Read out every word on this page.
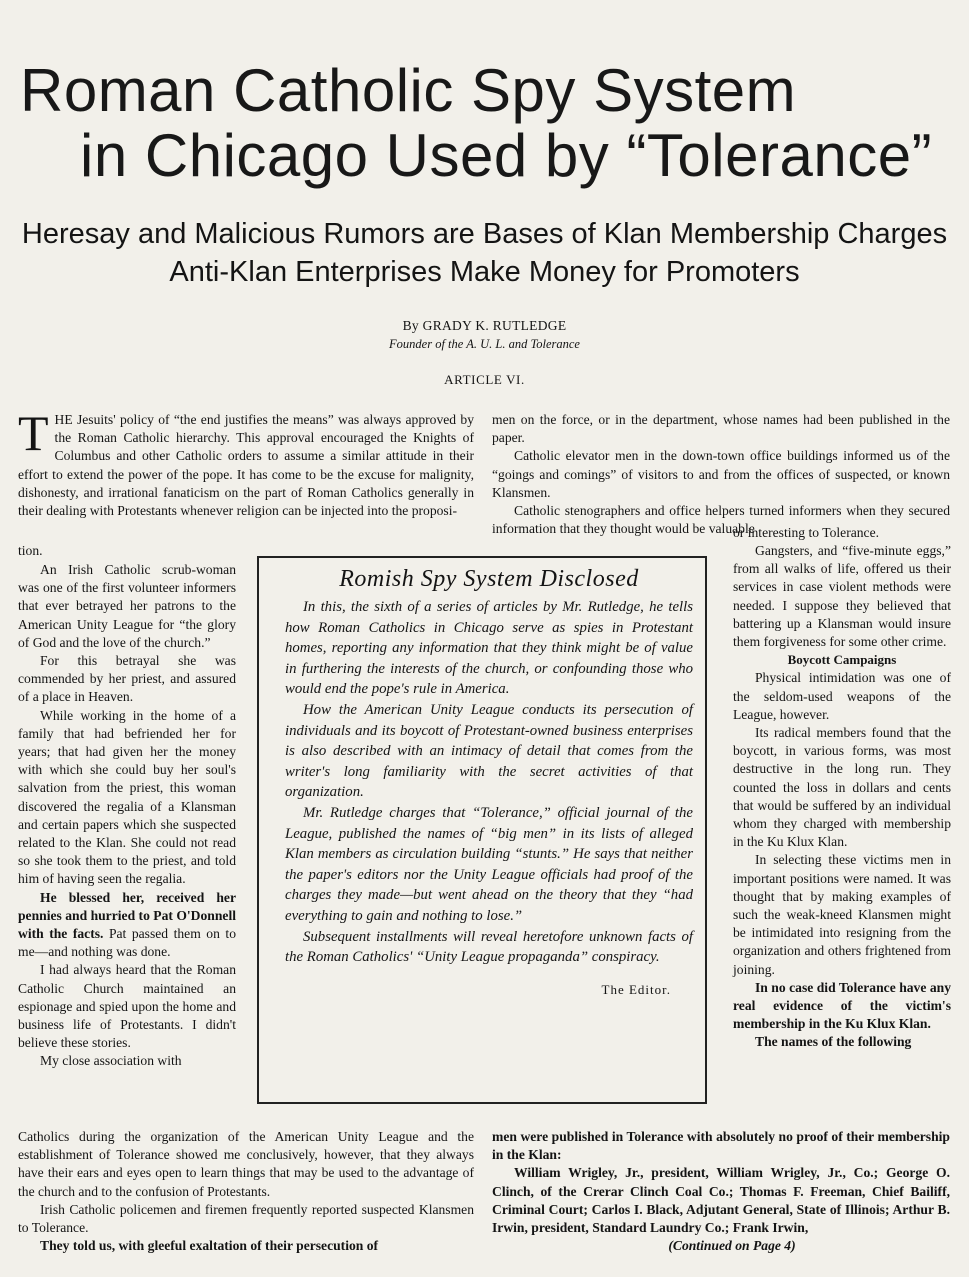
Roman Catholic Spy System
in Chicago Used by “Tolerance”
Heresay and Malicious Rumors are Bases of Klan Membership Charges
Anti-Klan Enterprises Make Money for Promoters
By GRADY K. RUTLEDGE
Founder of the A. U. L. and Tolerance
ARTICLE VI.

THE Jesuits' policy of “the end justifies the means” was always approved by the Roman Catholic hierarchy. This approval encouraged the Knights of Columbus and other Catholic orders to assume a similar attitude in their effort to extend the power of the pope. It has come to be the excuse for malignity, dishonesty, and irrational fanaticism on the part of Roman Catholics generally in their dealing with Protestants whenever religion can be injected into the proposi-

tion.

An Irish Catholic scrub-woman was one of the first volunteer informers that ever betrayed her patrons to the American Unity League for “the glory of God and the love of the church.”

For this betrayal she was commended by her priest, and assured of a place in Heaven.

While working in the home of a family that had befriended her for years; that had given her the money with which she could buy her soul's salvation from the priest, this woman discovered the regalia of a Klansman and certain papers which she suspected related to the Klan. She could not read so she took them to the priest, and told him of having seen the regalia.

He blessed her, received her pennies and hurried to Pat O'Donnell with the facts. Pat passed them on to me—and nothing was done.

I had always heard that the Roman Catholic Church maintained an espionage and spied upon the home and business life of Protestants. I didn't believe these stories.

My close association with

Catholics during the organization of the American Unity League and the establishment of Tolerance showed me conclusively, however, that they always have their ears and eyes open to learn things that may be used to the advantage of the church and to the confusion of Protestants.

Irish Catholic policemen and firemen frequently reported suspected Klansmen to Tolerance.

They told us, with gleeful exaltation of their persecution of

men on the force, or in the department, whose names had been published in the paper.

Catholic elevator men in the down-town office buildings informed us of the “goings and comings” of visitors to and from the offices of suspected, or known Klansmen.

Catholic stenographers and office helpers turned informers when they secured information that they thought would be valuable

or interesting to Tolerance.

Gangsters, and “five-minute eggs,” from all walks of life, offered us their services in case violent methods were needed. I suppose they believed that battering up a Klansman would insure them forgiveness for some other crime.

Boycott Campaigns

Physical intimidation was one of the seldom-used weapons of the League, however.

Its radical members found that the boycott, in various forms, was most destructive in the long run. They counted the loss in dollars and cents that would be suffered by an individual whom they charged with membership in the Ku Klux Klan.

In selecting these victims men in important positions were named. It was thought that by making examples of such the weak-kneed Klansmen might be intimidated into resigning from the organization and others frightened from joining.

In no case did Tolerance have any real evidence of the victim's membership in the Ku Klux Klan.

The names of the following

men were published in Tolerance with absolutely no proof of their membership in the Klan:

William Wrigley, Jr., president, William Wrigley, Jr., Co.; George O. Clinch, of the Crerar Clinch Coal Co.; Thomas F. Freeman, Chief Bailiff, Criminal Court; Carlos I. Black, Adjutant General, State of Illinois; Arthur B. Irwin, president, Standard Laundry Co.; Frank Irwin,

(Continued on Page 4)

Romish Spy System Disclosed

In this, the sixth of a series of articles by Mr. Rutledge, he tells how Roman Catholics in Chicago serve as spies in Protestant homes, reporting any information that they think might be of value in furthering the interests of the church, or confounding those who would end the pope's rule in America.

How the American Unity League conducts its persecution of individuals and its boycott of Protestant-owned business enterprises is also described with an intimacy of detail that comes from the writer's long familiarity with the secret activities of that organization.

Mr. Rutledge charges that “Tolerance,” official journal of the League, published the names of “big men” in its lists of alleged Klan members as circulation building “stunts.” He says that neither the paper's editors nor the Unity League officials had proof of the charges they made—but went ahead on the theory that they “had everything to gain and nothing to lose.”

Subsequent installments will reveal heretofore unknown facts of the Roman Catholics' “Unity League propaganda” conspiracy.

The Editor.
